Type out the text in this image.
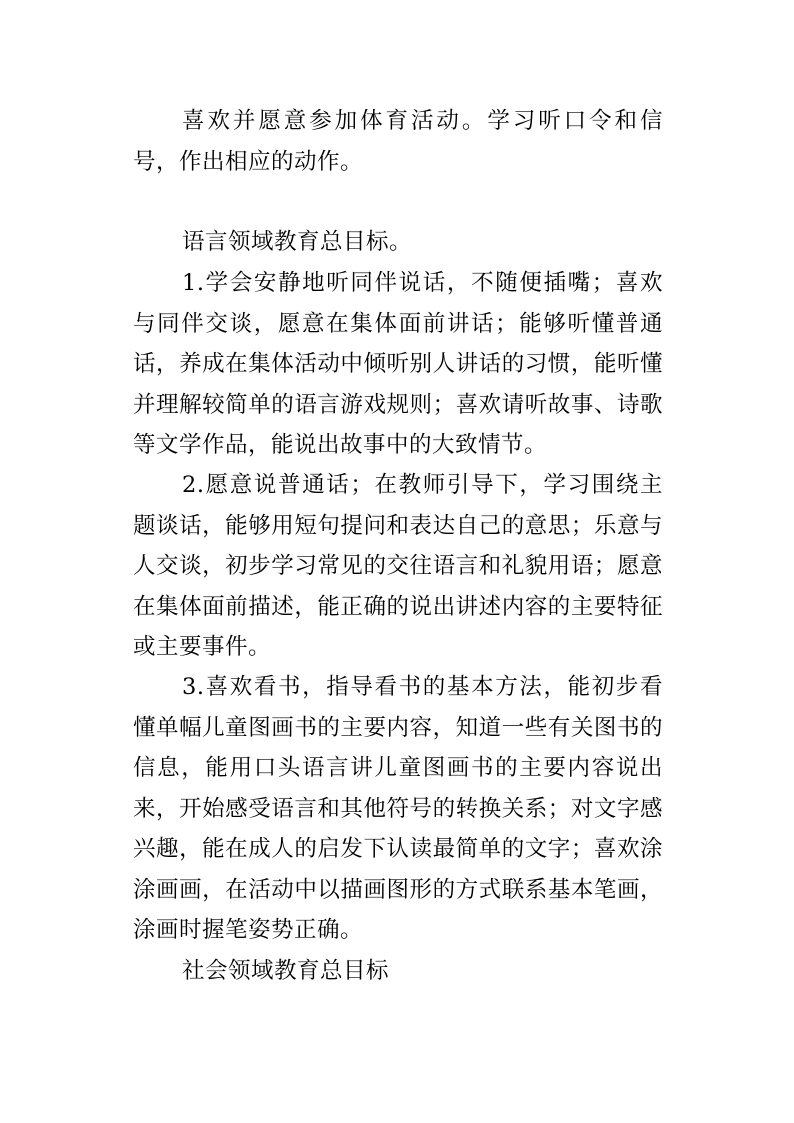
喜欢并愿意参加体育活动。学习听口令和信号，作出相应的动作。

语言领域教育总目标。

1.学会安静地听同伴说话，不随便插嘴；喜欢与同伴交谈，愿意在集体面前讲话；能够听懂普通话，养成在集体活动中倾听别人讲话的习惯，能听懂并理解较简单的语言游戏规则；喜欢请听故事、诗歌等文学作品，能说出故事中的大致情节。

2.愿意说普通话；在教师引导下，学习围绕主题谈话，能够用短句提问和表达自己的意思；乐意与人交谈，初步学习常见的交往语言和礼貌用语；愿意在集体面前描述，能正确的说出讲述内容的主要特征或主要事件。

3.喜欢看书，指导看书的基本方法，能初步看懂单幅儿童图画书的主要内容，知道一些有关图书的信息，能用口头语言讲儿童图画书的主要内容说出来，开始感受语言和其他符号的转换关系；对文字感兴趣，能在成人的启发下认读最简单的文字；喜欢涂涂画画，在活动中以描画图形的方式联系基本笔画，涂画时握笔姿势正确。

社会领域教育总目标
